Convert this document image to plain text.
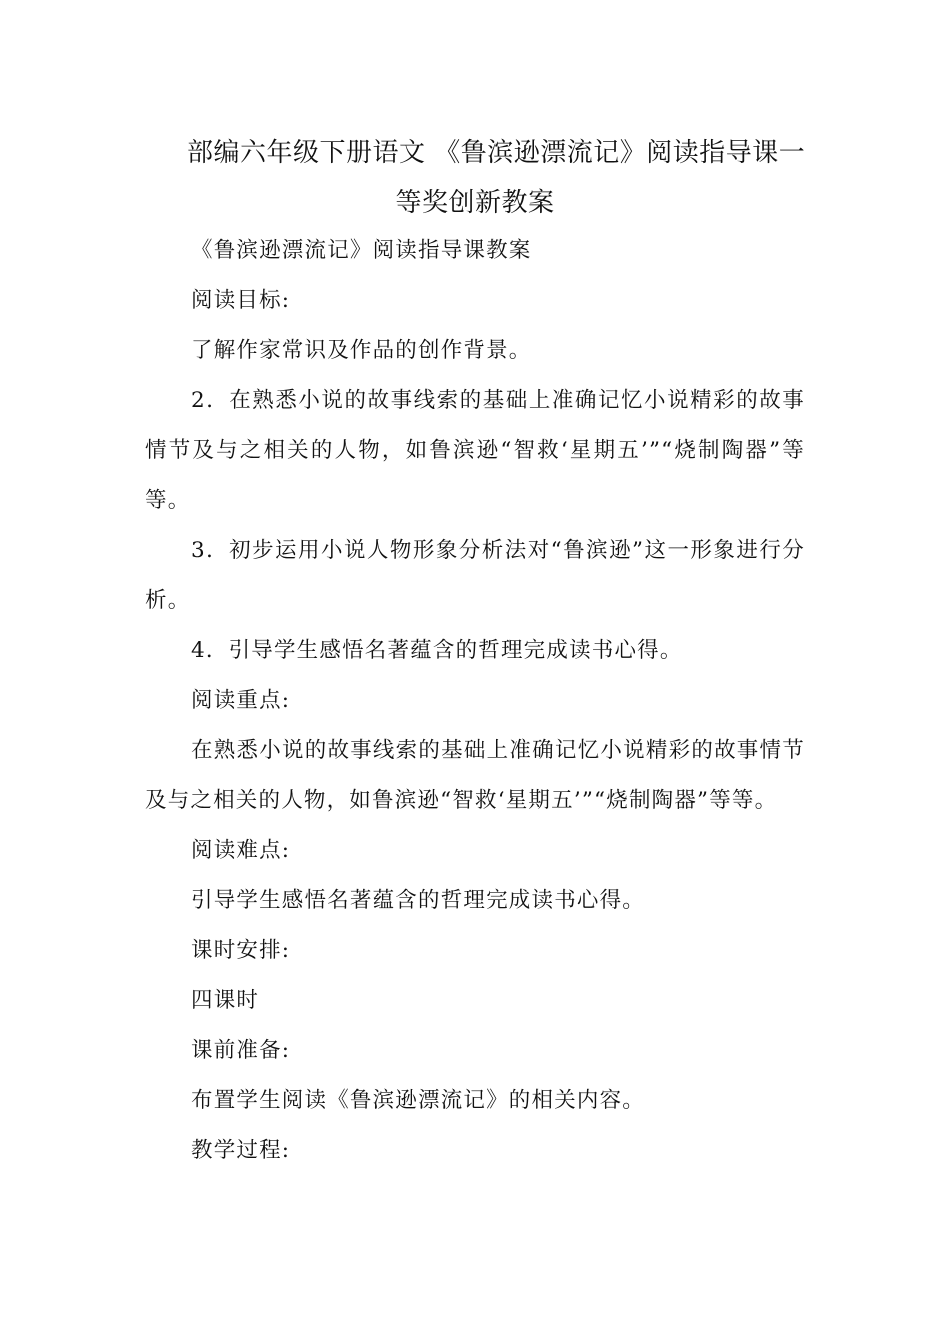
部编六年级下册语文 《鲁滨逊漂流记》阅读指导课一
等奖创新教案

《鲁滨逊漂流记》阅读指导课教案

阅读目标:

了解作家常识及作品的创作背景。

2．在熟悉小说的故事线索的基础上准确记忆小说精彩的故事情节及与之相关的人物，如鲁滨逊“智救‘星期五’”“烧制陶器”等等。

3．初步运用小说人物形象分析法对“鲁滨逊”这一形象进行分析。

4．引导学生感悟名著蕴含的哲理完成读书心得。

阅读重点:

在熟悉小说的故事线索的基础上准确记忆小说精彩的故事情节及与之相关的人物，如鲁滨逊“智救‘星期五’”“烧制陶器”等等。

阅读难点:

引导学生感悟名著蕴含的哲理完成读书心得。

课时安排:

四课时

课前准备:

布置学生阅读《鲁滨逊漂流记》的相关内容。

教学过程:
